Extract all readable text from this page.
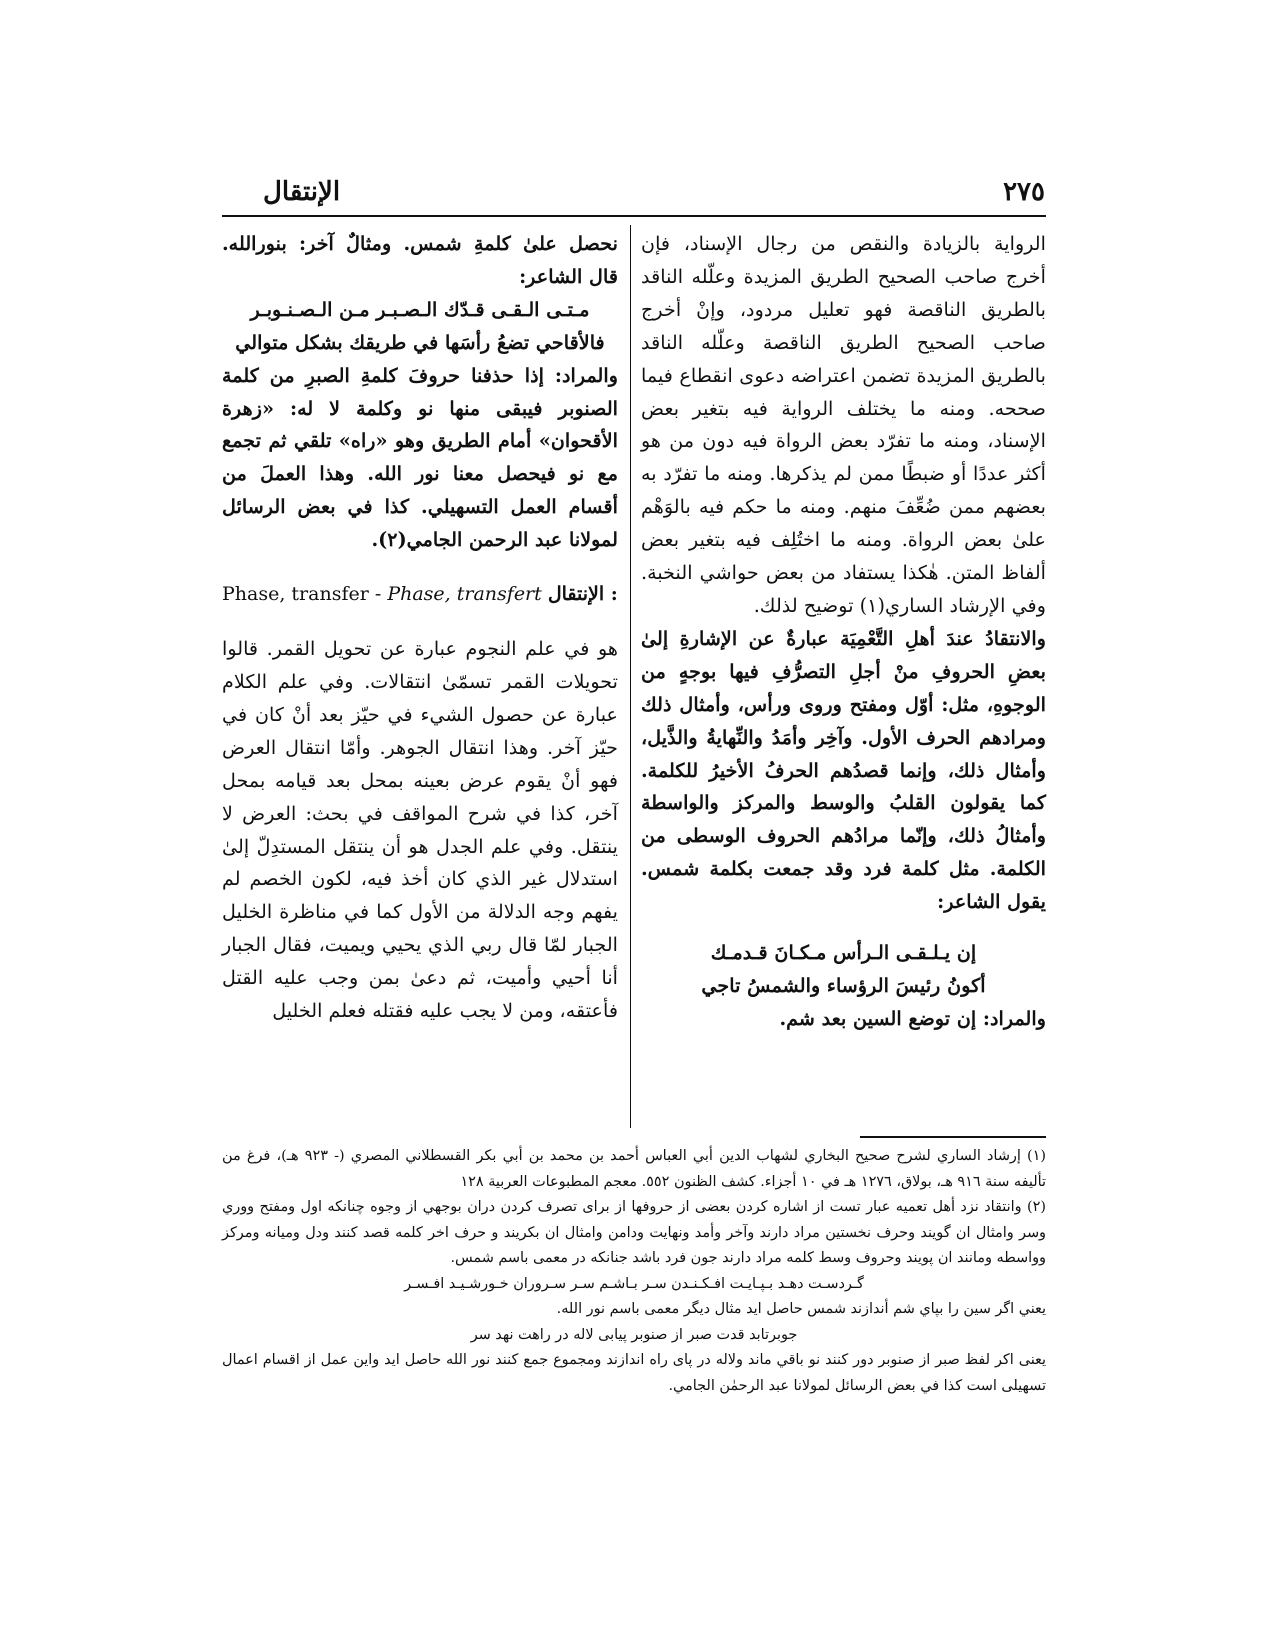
الإنتقال	٢٧٥

الرواية بالزيادة والنقص من رجال الإسناد، فإن أخرج صاحب الصحيح الطريق المزيدة وعلّله الناقد بالطريق الناقصة فهو تعليل مردود، وإنْ أخرج صاحب الصحيح الطريق الناقصة وعلّله الناقد بالطريق المزيدة تضمن اعتراضه دعوى انقطاع فيما صححه. ومنه ما يختلف الرواية فيه بتغير بعض الإسناد، ومنه ما تفرّد بعض الرواة فيه دون من هو أكثر عددًا أو ضبطًا ممن لم يذكرها. ومنه ما تفرّد به بعضهم ممن ضُعِّفَ منهم. ومنه ما حكم فيه بالوَهْم علىٰ بعض الرواة. ومنه ما اختُلِف فيه بتغير بعض ألفاظ المتن. هٰكذا يستفاد من بعض حواشي النخبة. وفي الإرشاد الساري(١) توضيح لذلك.

والانتقادُ عندَ أهلِ التَّعْمِيَة عبارةٌ عن الإشارةِ إلىٰ بعضِ الحروفِ منْ أجلِ التصرُّفِ فيها بوجهٍ من الوجوهِ، مثل: أوّل ومفتح وروى ورأس، وأمثال ذلك ومرادهم الحرف الأول. وآخِر وأمَدُ والنِّهايةُ والذَّيل، وأمثال ذلك، وإنما قصدُهم الحرفُ الأخيرُ للكلمة. كما يقولون القلبُ والوسط والمركز والواسطة وأمثالُ ذلك، وإنّما مرادُهم الحروف الوسطى من الكلمة. مثل كلمة فرد وقد جمعت بكلمة شمس. يقول الشاعر:

إن يـلـقـى الـرأس مـكـانَ قـدمـك

أكونُ رئيسَ الرؤساء والشمسُ تاجي

والمراد: إن توضع السين بعد شم.

نحصل علىٰ كلمةِ شمس. ومثالٌ آخر: بنورالله. قال الشاعر:

مـتـى الـقـى قـدّك الـصـبـر مـن الـصـنـوبـر

فالأقاحي تضعُ رأسَها في طريقك بشكل متوالي

والمراد: إذا حذفنا حروفَ كلمةِ الصبرِ من كلمة الصنوبر فيبقى منها نو وكلمة لا له: «زهرة الأقحوان» أمام الطريق وهو «راه» تلقي ثم تجمع مع نو فيحصل معنا نور الله. وهذا العملَ من أقسام العمل التسهيلي. كذا في بعض الرسائل لمولانا عبد الرحمن الجامي(٢).

Phase, transfer - Phase, transfert الإنتقال :

هو في علم النجوم عبارة عن تحويل القمر. قالوا تحويلات القمر تسمّىٰ انتقالات. وفي علم الكلام عبارة عن حصول الشيء في حيّز بعد أنْ كان في حيّز آخر. وهذا انتقال الجوهر. وأمّا انتقال العرض فهو أنْ يقوم عرض بعينه بمحل بعد قيامه بمحل آخر، كذا في شرح المواقف في بحث: العرض لا ينتقل. وفي علم الجدل هو أن ينتقل المستدِلّ إلىٰ استدلال غير الذي كان أخذ فيه، لكون الخصم لم يفهم وجه الدلالة من الأول كما في مناظرة الخليل الجبار لمّا قال ربي الذي يحيي ويميت، فقال الجبار أنا أحيي وأميت، ثم دعىٰ بمن وجب عليه القتل فأعتقه، ومن لا يجب عليه فقتله فعلم الخليل

(١) إرشاد الساري لشرح صحيح البخاري لشهاب الدين أبي العباس أحمد بن محمد بن أبي بكر القسطلاني المصري (- ٩٢٣ هـ)، فرغ من تأليفه سنة ٩١٦ هـ، بولاق، ١٢٧٦ هـ في ١٠ أجزاء. كشف الظنون ٥٥٢. معجم المطبوعات العربية ١٢٨

(٢) وانتقاد نزد أهل تعميه عبار تست از اشاره كردن بعضى از حروفها از براى تصرف كردن دران بوجهي از وجوه چنانكه اول ومفتح ووري وسر وامثال ان گويند وحرف نخستين مراد دارند وآخر وأمد ونهايت ودامن وامثال ان بكريند و حرف اخر كلمه قصد كنند ودل وميانه ومركز وواسطه ومانند ان پويند وحروف وسط كلمه مراد دارند جون فرد باشد جنانكه در معمى باسم شمس.

گـردسـت دهـد بـپـايـت افـكـنـدن سـر بـاشـم سـر سـروران خـورشـيـد افـسـر

يعني اگر سين را بپاي شم أندازند شمس حاصل ايد مثال ديگر معمى باسم نور الله.

جوبرتابد قدت صبر از صنوبر پيابى لاله در راهت نهد سر

يعنى اكر لفظ صبر از صنوبر دور كنند نو باقي ماند ولاله در پاى راه اندازند ومجموع جمع كنند نور الله حاصل ايد واين عمل از اقسام اعمال تسهيلى است كذا في بعض الرسائل لمولانا عبد الرحمٰن الجامي.
